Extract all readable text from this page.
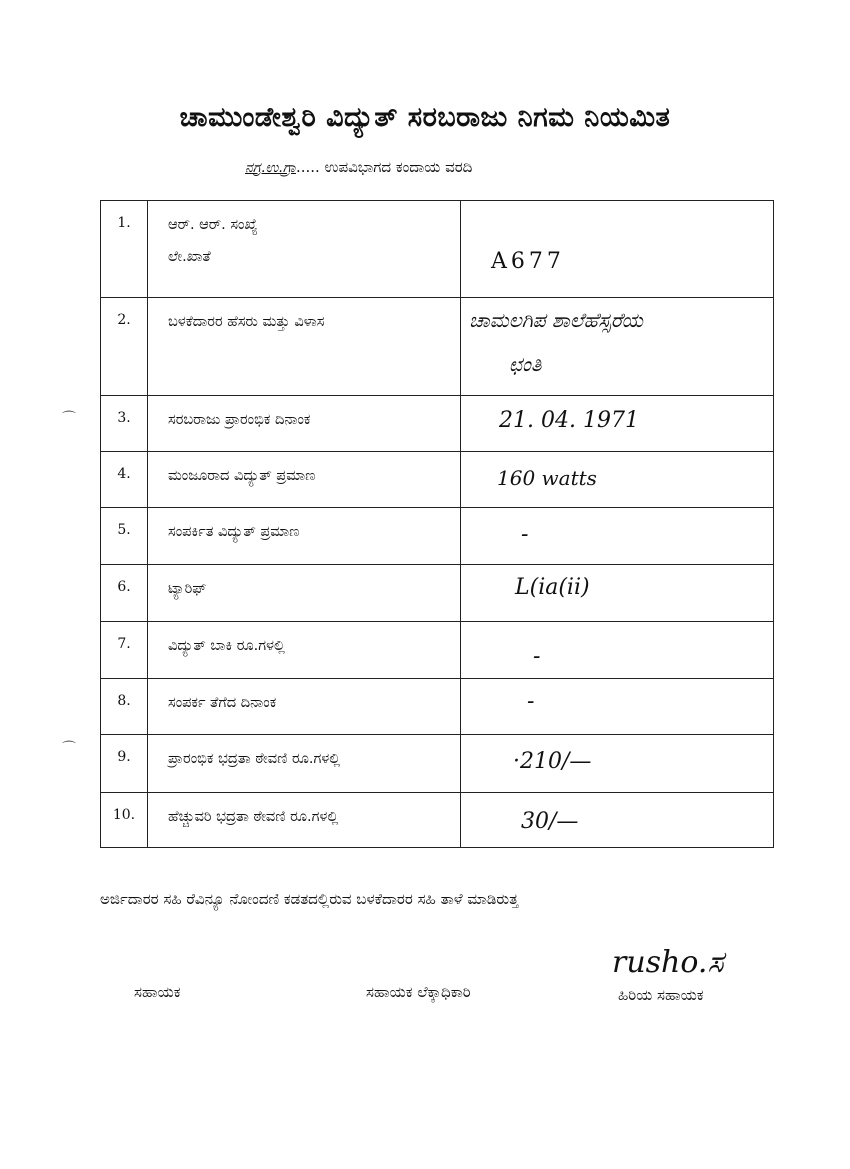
ಚಾಮುಂಡೇಶ್ವರಿ ವಿದ್ಯುತ್ ಸರಬರಾಜು ನಿಗಮ ನಿಯಮಿತ
ನಗ್ರ.ಉ.ಗ್ರಾ..... ಉಪವಿಭಾಗದ ಕಂದಾಯ ವರದಿ
1.	ಆರ್. ಆರ್. ಸಂಖ್ಯೆ
ಲೇ.ಖಾತೆ	A677

2.	ಬಳಕೆದಾರರ ಹೆಸರು ಮತ್ತು ವಿಳಾಸ	ಚಾಮಲಗಿಪ ಶಾಲೆಹೆಸ್ಸರೆಯ
ಛಂತಿ

3.	ಸರಬರಾಜು ಪ್ರಾರಂಭಿಕ ದಿನಾಂಕ	21. 04. 1971

4.	ಮಂಜೂರಾದ ವಿದ್ಯುತ್ ಪ್ರಮಾಣ	160 watts

5.	ಸಂಪರ್ಕಿತ ವಿದ್ಯುತ್ ಪ್ರಮಾಣ	-

6.	ಟ್ಯಾರಿಫ್	L(ia(ii)

7.	ವಿದ್ಯುತ್ ಬಾಕಿ ರೂ.ಗಳಲ್ಲಿ	-

8.	ಸಂಪರ್ಕ ತೆಗೆದ ದಿನಾಂಕ	-

9.	ಪ್ರಾರಂಭಿಕ ಭದ್ರತಾ ಠೇವಣಿ ರೂ.ಗಳಲ್ಲಿ	·210/—

10.	ಹೆಚ್ಚುವರಿ ಭದ್ರತಾ ಠೇವಣಿ ರೂ.ಗಳಲ್ಲಿ	30/—
ಅರ್ಜಿದಾರರ ಸಹಿ ರೆವಿನ್ಯೂ ನೋಂದಣಿ ಕಡತದಲ್ಲಿರುವ ಬಳಕೆದಾರರ ಸಹಿ ತಾಳೆ ಮಾಡಿರುತ್ತ
rusho.ಸ
ಸಹಾಯಕ	ಸಹಾಯಕ ಲೆಕ್ಕಾಧಿಕಾರಿ	ಹಿರಿಯ ಸಹಾಯಕ
⌒
⌒
